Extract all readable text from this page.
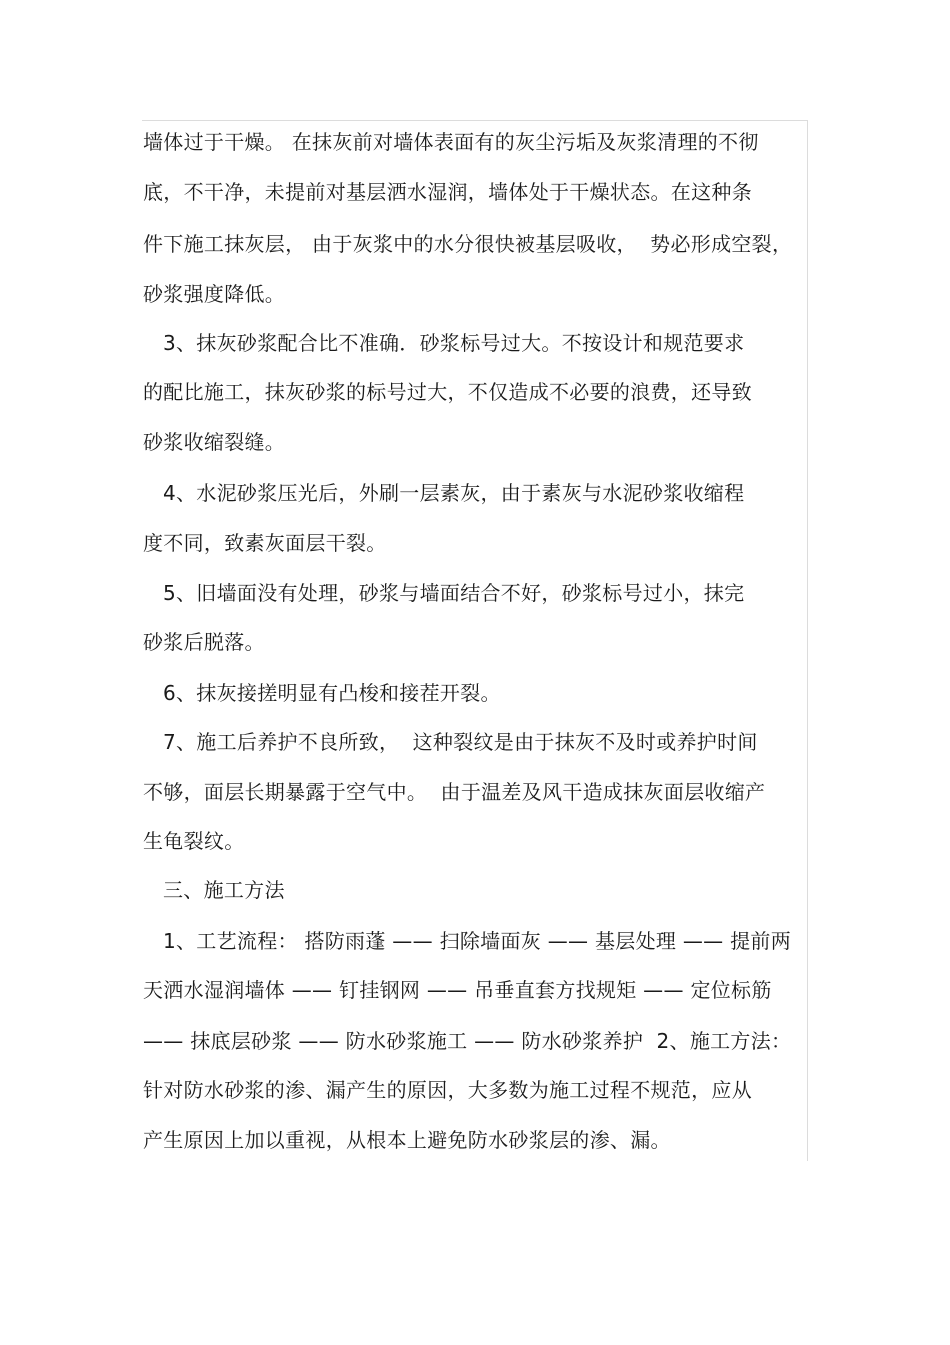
墙体过于干燥。 在抹灰前对墙体表面有的灰尘污垢及灰浆清理的不彻
底，不干净，未提前对基层洒水湿润，墙体处于干燥状态。在这种条
件下施工抹灰层， 由于灰浆中的水分很快被基层吸收，  势必形成空裂，
砂浆强度降低。
3、抹灰砂浆配合比不准确．砂浆标号过大。不按设计和规范要求
的配比施工，抹灰砂浆的标号过大，不仅造成不必要的浪费，还导致
砂浆收缩裂缝。
4、水泥砂浆压光后，外刷一层素灰，由于素灰与水泥砂浆收缩程
度不同，致素灰面层干裂。
5、旧墙面没有处理，砂浆与墙面结合不好，砂浆标号过小，抹完
砂浆后脱落。
6、抹灰接搓明显有凸梭和接茬开裂。
7、施工后养护不良所致，  这种裂纹是由于抹灰不及时或养护时间
不够，面层长期暴露于空气中。  由于温差及风干造成抹灰面层收缩产
生龟裂纹。
三、施工方法
1、工艺流程： 搭防雨蓬 —— 扫除墙面灰 —— 基层处理 —— 提前两
天洒水湿润墙体 —— 钉挂钢网 —— 吊垂直套方找规矩 —— 定位标筋
—— 抹底层砂浆 —— 防水砂浆施工 —— 防水砂浆养护  2、施工方法：
针对防水砂浆的渗、漏产生的原因，大多数为施工过程不规范，应从
产生原因上加以重视，从根本上避免防水砂浆层的渗、漏。
